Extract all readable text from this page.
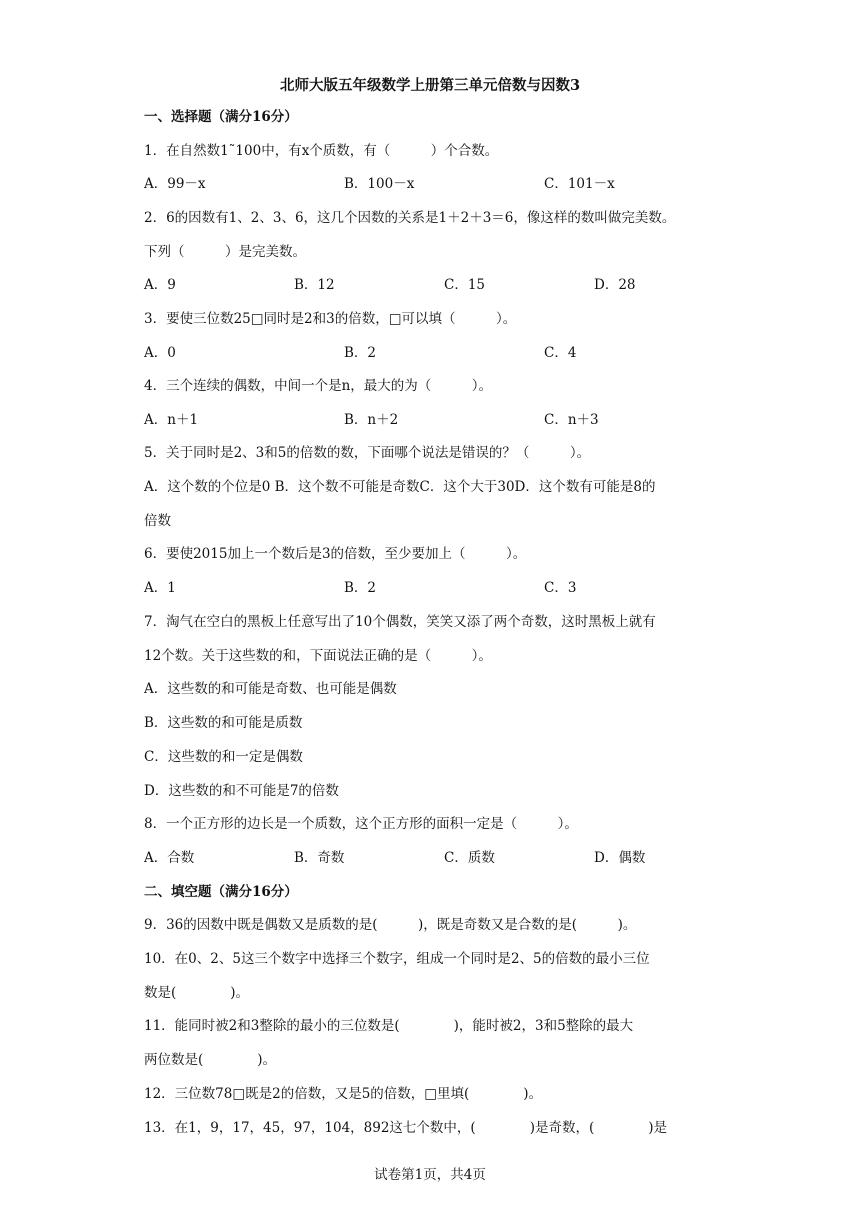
北师大版五年级数学上册第三单元倍数与因数3
一、选择题（满分16分）
1．在自然数1˜100中，有x个质数，有（　　　）个合数。
A．99－x	B．100－x	C．101－x
2．6的因数有1、2、3、6，这几个因数的关系是1＋2＋3＝6，像这样的数叫做完美数。
下列（　　　）是完美数。
A．9	B．12	C．15	D．28
3．要使三位数25□同时是2和3的倍数，□可以填（　　　）。
A．0	B．2	C．4
4．三个连续的偶数，中间一个是n，最大的为（　　　）。
A．n＋1	B．n＋2	C．n＋3
5．关于同时是2、3和5的倍数的数，下面哪个说法是错误的？（　　　）。
A．这个数的个位是0 B．这个数不可能是奇数C．这个大于30D．这个数有可能是8的
倍数
6．要使2015加上一个数后是3的倍数，至少要加上（　　　）。
A．1	B．2	C．3
7．淘气在空白的黑板上任意写出了10个偶数，笑笑又添了两个奇数，这时黑板上就有
12个数。关于这些数的和，下面说法正确的是（　　　）。
A．这些数的和可能是奇数、也可能是偶数
B．这些数的和可能是质数
C．这些数的和一定是偶数
D．这些数的和不可能是7的倍数
8．一个正方形的边长是一个质数，这个正方形的面积一定是（　　　）。
A．合数	B．奇数	C．质数	D．偶数
二、填空题（满分16分）
9．36的因数中既是偶数又是质数的是(　　　)，既是奇数又是合数的是(　　　)。
10．在0、2、5这三个数字中选择三个数字，组成一个同时是2、5的倍数的最小三位
数是(　　　　)。
11．能同时被2和3整除的最小的三位数是(　　　　)，能时被2，3和5整除的最大
两位数是(　　　　)。
12．三位数78□既是2的倍数，又是5的倍数，□里填(　　　　)。
13．在1，9，17，45，97，104，892这七个数中，(　　　　)是奇数，(　　　　)是
试卷第1页，共4页
